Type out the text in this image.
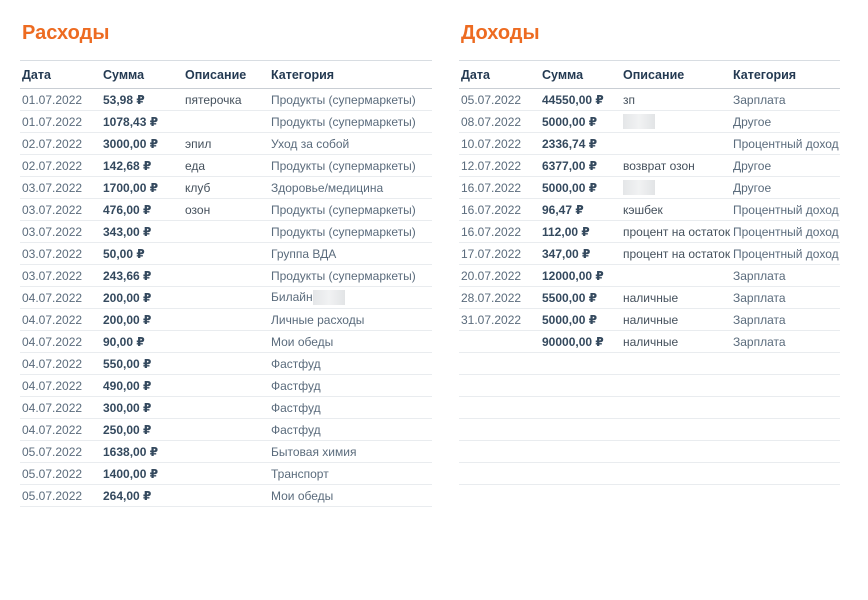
Расходы
Дата	Сумма	Описание	Категория
01.07.2022	53,98 ₽	пятерочка	Продукты (супермаркеты)
01.07.2022	1078,43 ₽		Продукты (супермаркеты)
02.07.2022	3000,00 ₽	эпил	Уход за собой
02.07.2022	142,68 ₽	еда	Продукты (супермаркеты)
03.07.2022	1700,00 ₽	клуб	Здоровье/медицина
03.07.2022	476,00 ₽	озон	Продукты (супермаркеты)
03.07.2022	343,00 ₽		Продукты (супермаркеты)
03.07.2022	50,00 ₽		Группа ВДА
03.07.2022	243,66 ₽		Продукты (супермаркеты)
04.07.2022	200,00 ₽		Билайн
04.07.2022	200,00 ₽		Личные расходы
04.07.2022	90,00 ₽		Мои обеды
04.07.2022	550,00 ₽		Фастфуд
04.07.2022	490,00 ₽		Фастфуд
04.07.2022	300,00 ₽		Фастфуд
04.07.2022	250,00 ₽		Фастфуд
05.07.2022	1638,00 ₽		Бытовая химия
05.07.2022	1400,00 ₽		Транспорт
05.07.2022	264,00 ₽		Мои обеды
Доходы
Дата	Сумма	Описание	Категория
05.07.2022	44550,00 ₽	зп	Зарплата
08.07.2022	5000,00 ₽		Другое
10.07.2022	2336,74 ₽		Процентный доход
12.07.2022	6377,00 ₽	возврат озон	Другое
16.07.2022	5000,00 ₽		Другое
16.07.2022	96,47 ₽	кэшбек	Процентный доход
16.07.2022	112,00 ₽	процент на остаток	Процентный доход
17.07.2022	347,00 ₽	процент на остаток	Процентный доход
20.07.2022	12000,00 ₽		Зарплата
28.07.2022	5500,00 ₽	наличные	Зарплата
31.07.2022	5000,00 ₽	наличные	Зарплата
	90000,00 ₽	наличные	Зарплата
